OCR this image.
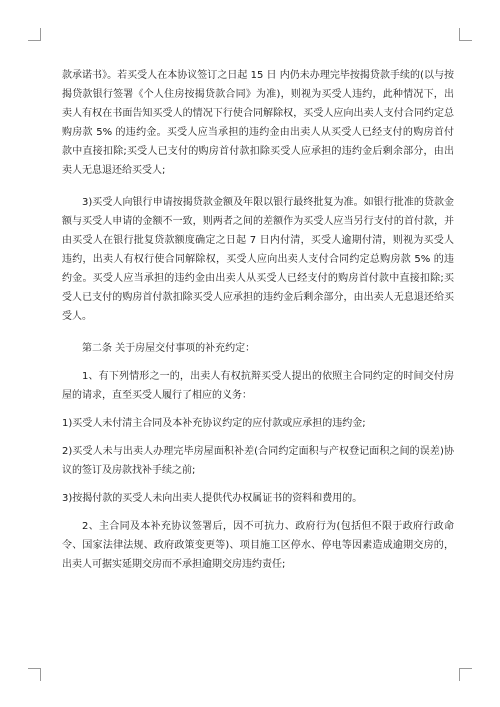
款承诺书》。若买受人在本协议签订之日起 15 日 内仍未办理完毕按揭贷款手续的(以与按揭贷款银行签署《个人住房按揭贷款合同》为准)，则视为买受人违约，此种情况下，出卖人有权在书面告知买受人的情况下行使合同解除权，买受人应向出卖人支付合同约定总购房款 5% 的违约金。买受人应当承担的违约金由出卖人从买受人已经支付的购房首付款中直接扣除;买受人已支付的购房首付款扣除买受人应承担的违约金后剩余部分，由出卖人无息退还给买受人;

3)买受人向银行申请按揭贷款金额及年限以银行最终批复为准。如银行批准的贷款金额与买受人申请的金额不一致，则两者之间的差额作为买受人应当另行支付的首付款，并由买受人在银行批复贷款额度确定之日起 7 日内付清，买受人逾期付清，则视为买受人违约，出卖人有权行使合同解除权，买受人应向出卖人支付合同约定总购房款 5% 的违约金。买受人应当承担的违约金由出卖人从买受人已经支付的购房首付款中直接扣除;买受人已支付的购房首付款扣除买受人应承担的违约金后剩余部分，由出卖人无息退还给买受人。

第二条 关于房屋交付事项的补充约定：

1、有下列情形之一的，出卖人有权抗辩买受人提出的依照主合同约定的时间交付房屋的请求，直至买受人履行了相应的义务：

1)买受人未付清主合同及本补充协议约定的应付款或应承担的违约金;

2)买受人未与出卖人办理完毕房屋面积补差(合同约定面积与产权登记面积之间的误差)协议的签订及房款找补手续之前;

3)按揭付款的买受人未向出卖人提供代办权属证书的资料和费用的。

2、主合同及本补充协议签署后，因不可抗力、政府行为(包括但不限于政府行政命令、国家法律法规、政府政策变更等)、项目施工区停水、停电等因素造成逾期交房的，出卖人可据实延期交房而不承担逾期交房违约责任;
